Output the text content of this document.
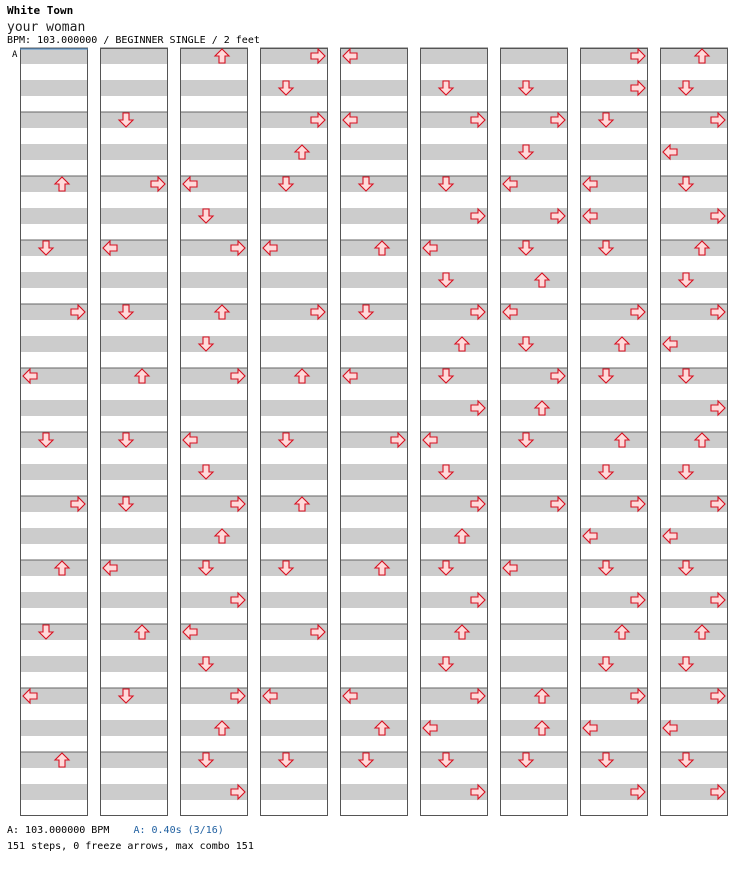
White Town
your woman
BPM: 103.000000 / BEGINNER SINGLE / 2 feet
A
A: 103.000000 BPM A: 0.40s (3/16)
151 steps, 0 freeze arrows, max combo 151
